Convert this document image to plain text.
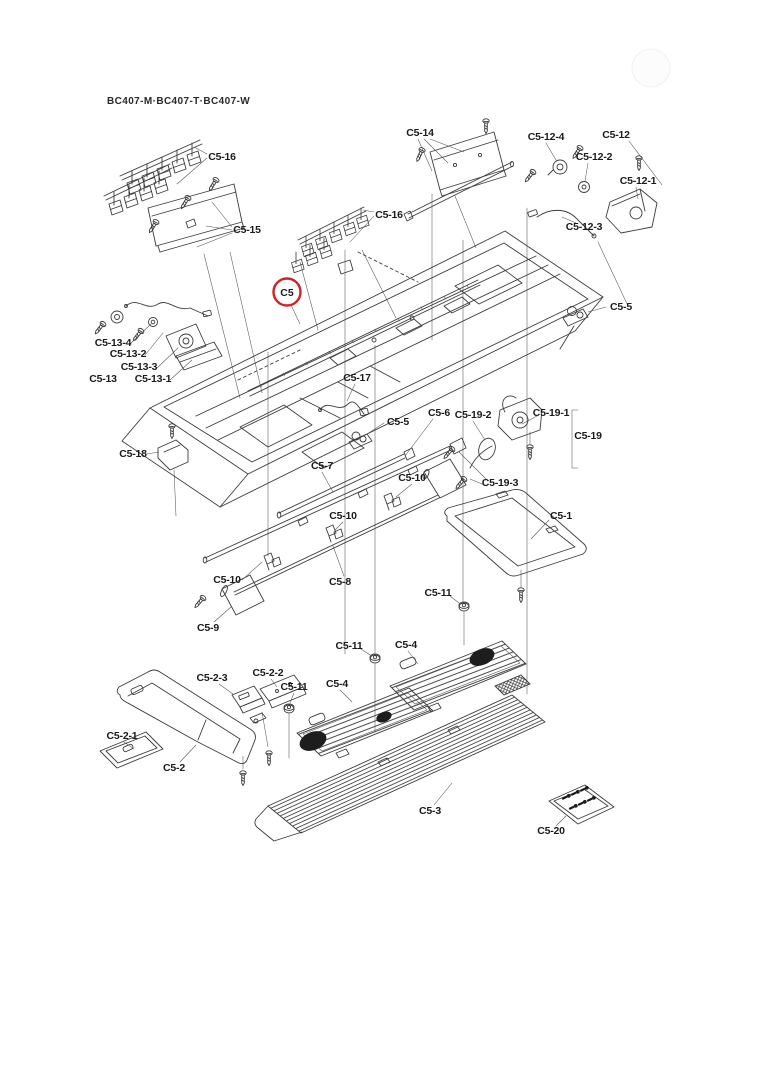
C5-16
C5-15
C5-16
C5-14	C5-12-4	C5-12
C5-12-2
C5-12-1
C5-12-3
C5-5
C5-13-4
C5-13-2
C5-13-3
C5-13 C5-13-1	C5-17
C5-5
C5-6 C5-19-2	C5-19-1
C5-19
C5-18
C5-7
C5-10	C5-19-3
C5-10	C5-1
C5-10	C5-8
C5-11
C5-9
C5-11	C5-4
C5-2-3 C5-2-2
C5-11 C5-4
C5-2-1
C5-2
C5-3
C5-20
C5
BC407-M·BC407-T·BC407-W
